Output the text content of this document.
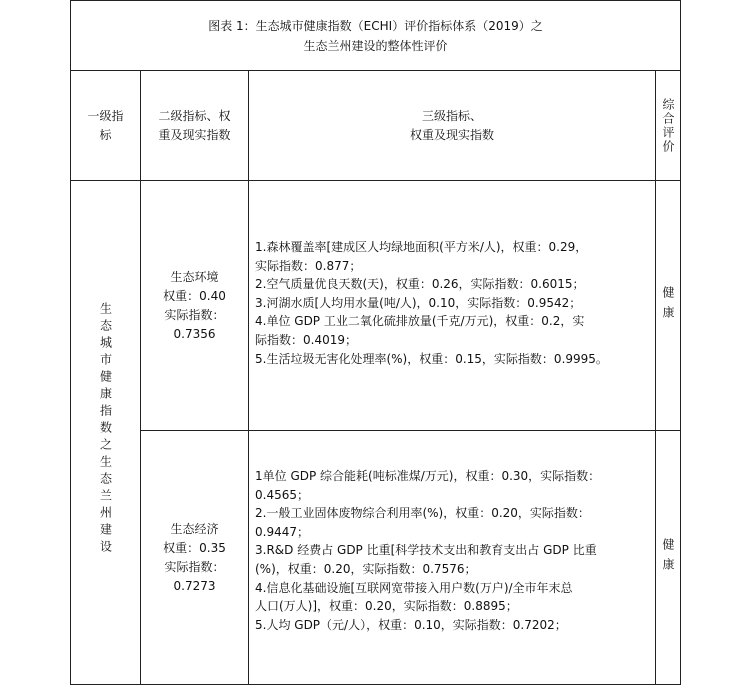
图表 1：生态城市健康指数（ECHI）评价指标体系（2019）之
生态兰州建设的整体性评价
一级指
标
二级指标、权
重及现实指数
三级指标、
权重及现实指数	综合评价
生态城市健康指数之生态兰州建设
生态环境
权重：0.40
实际指数：
0.7356
1.森林覆盖率[建成区人均绿地面积(平方米/人)，权重：0.29，
实际指数：0.877；
2.空气质量优良天数(天)，权重：0.26，实际指数：0.6015；
3.河湖水质[人均用水量(吨/人)，0.10，实际指数：0.9542；
4.单位 GDP 工业二氧化硫排放量(千克/万元)，权重：0.2，实
际指数：0.4019；
5.生活垃圾无害化处理率(%)，权重：0.15，实际指数：0.9995。
健康
生态经济
权重：0.35
实际指数：
0.7273
1单位 GDP 综合能耗(吨标准煤/万元)，权重：0.30，实际指数：
0.4565；
2.一般工业固体废物综合利用率(%)，权重：0.20，实际指数：
0.9447；
3.R&D 经费占 GDP 比重[科学技术支出和教育支出占 GDP 比重
(%)，权重：0.20，实际指数：0.7576；
4.信息化基础设施[互联网宽带接入用户数(万户)/全市年末总
人口(万人)]，权重：0.20，实际指数：0.8895；
5.人均 GDP（元/人），权重：0.10，实际指数：0.7202；
健康
